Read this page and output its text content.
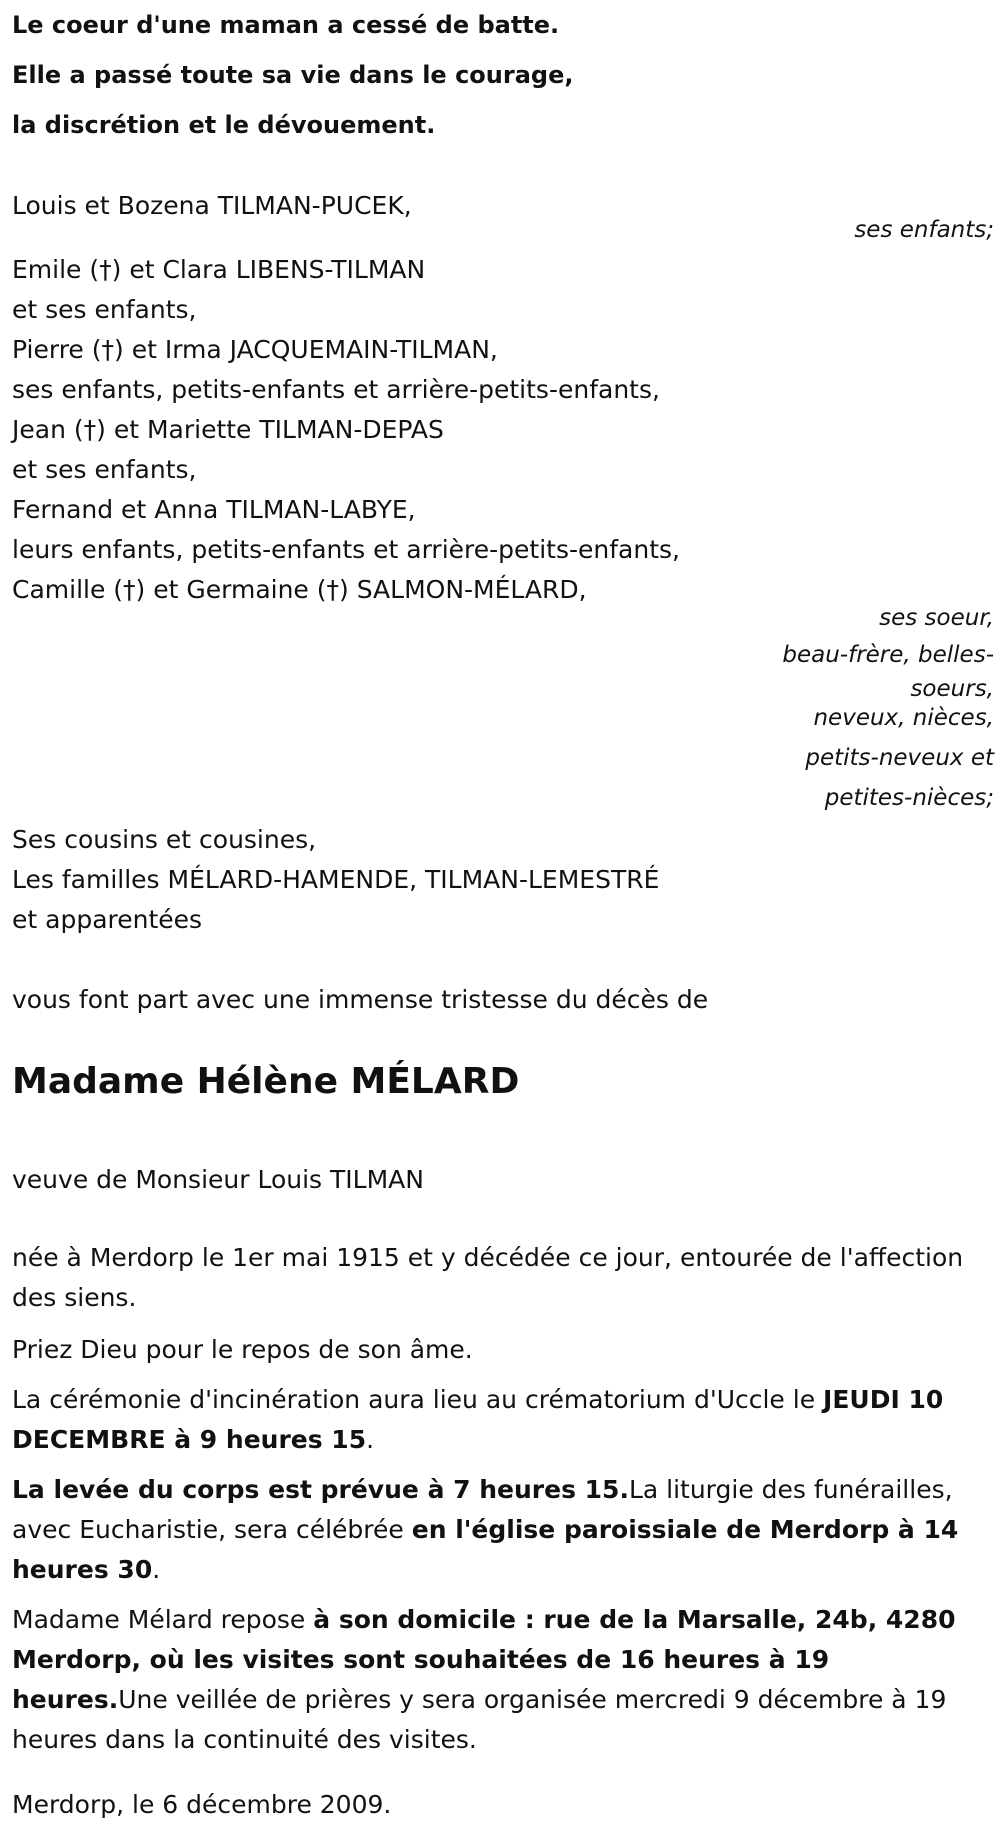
Le coeur d'une maman a cessé de batte.
Elle a passé toute sa vie dans le courage,
la discrétion et le dévouement.
Louis et Bozena TILMAN-PUCEK,
ses enfants;
Emile (†) et Clara LIBENS-TILMAN
et ses enfants,
Pierre (†) et Irma JACQUEMAIN-TILMAN,
ses enfants, petits-enfants et arrière-petits-enfants,
Jean (†) et Mariette TILMAN-DEPAS
et ses enfants,
Fernand et Anna TILMAN-LABYE,
leurs enfants, petits-enfants et arrière-petits-enfants,
Camille (†) et Germaine (†) SALMON-MÉLARD,
ses soeur,
beau-frère, belles-soeurs,
neveux, nièces,
petits-neveux et
petites-nièces;
Ses cousins et cousines,
Les familles MÉLARD-HAMENDE, TILMAN-LEMESTRÉ
et apparentées
vous font part avec une immense tristesse du décès de
Madame Hélène MÉLARD
veuve de Monsieur Louis TILMAN
née à Merdorp le 1er mai 1915 et y décédée ce jour, entourée de l'affection des siens.
Priez Dieu pour le repos de son âme.
La cérémonie d'incinération aura lieu au crématorium d'Uccle le JEUDI 10 DECEMBRE à 9 heures 15.
La levée du corps est prévue à 7 heures 15.La liturgie des funérailles, avec Eucharistie, sera célébrée en l'église paroissiale de Merdorp à 14 heures 30.
Madame Mélard repose à son domicile : rue de la Marsalle, 24b, 4280 Merdorp, où les visites sont souhaitées de 16 heures à 19 heures.Une veillée de prières y sera organisée mercredi 9 décembre à 19 heures dans la continuité des visites.
Merdorp, le 6 décembre 2009.
